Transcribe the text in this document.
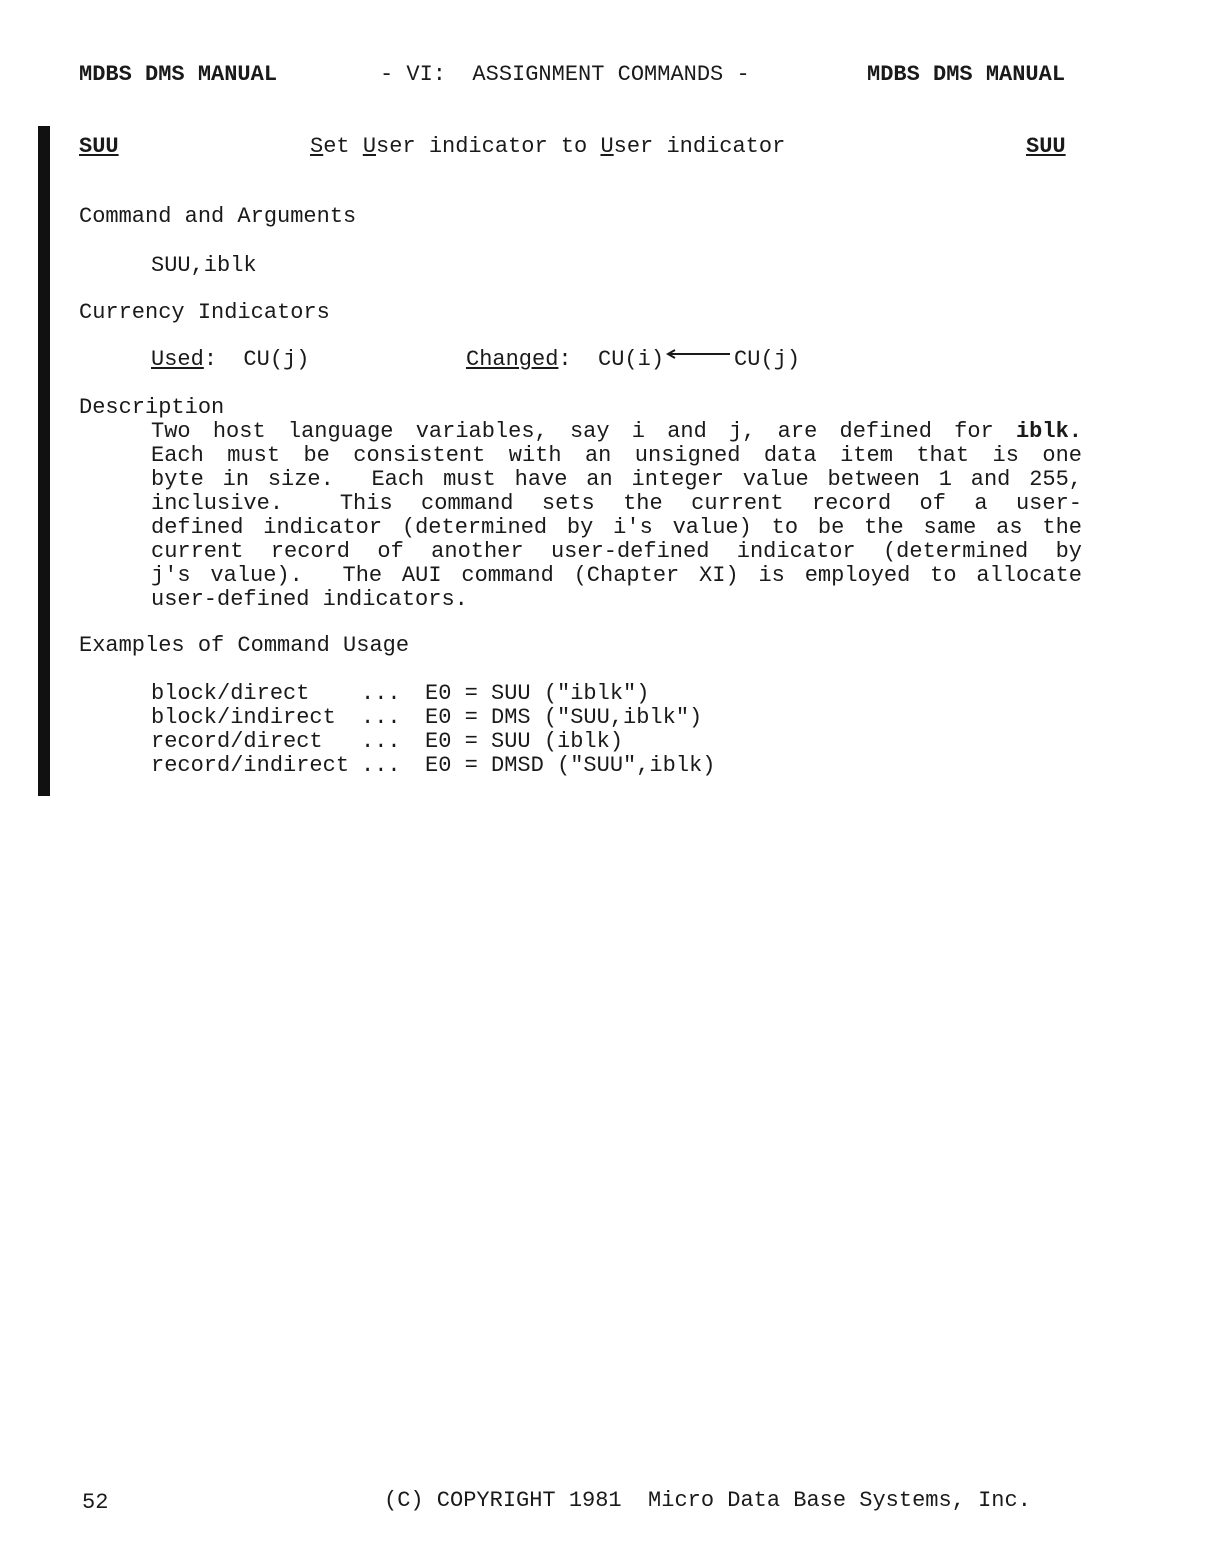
MDBS DMS MANUAL	- VI:  ASSIGNMENT COMMANDS -	MDBS DMS MANUAL
SUU	Set User indicator to User indicator	SUU
Command and Arguments
SUU,iblk
Currency Indicators
Used:  CU(j)	Changed:  CU(i)	CU(j)
Description
Two host language variables, say i and j, are defined for iblk.
Each must be consistent with an unsigned data item that is one
byte in size.  Each must have an integer value between 1 and 255,
inclusive.  This command sets the current record of a user-
defined indicator (determined by i's value) to be the same as the
current record of another user-defined indicator (determined by
j's value).  The AUI command (Chapter XI) is employed to allocate
user-defined indicators.
Examples of Command Usage
block/direct ... E0 = SUU ("iblk")
block/indirect ... E0 = DMS ("SUU,iblk")
record/direct ... E0 = SUU (iblk)
record/indirect ... E0 = DMSD ("SUU",iblk)
52	(C) COPYRIGHT 1981  Micro Data Base Systems, Inc.
